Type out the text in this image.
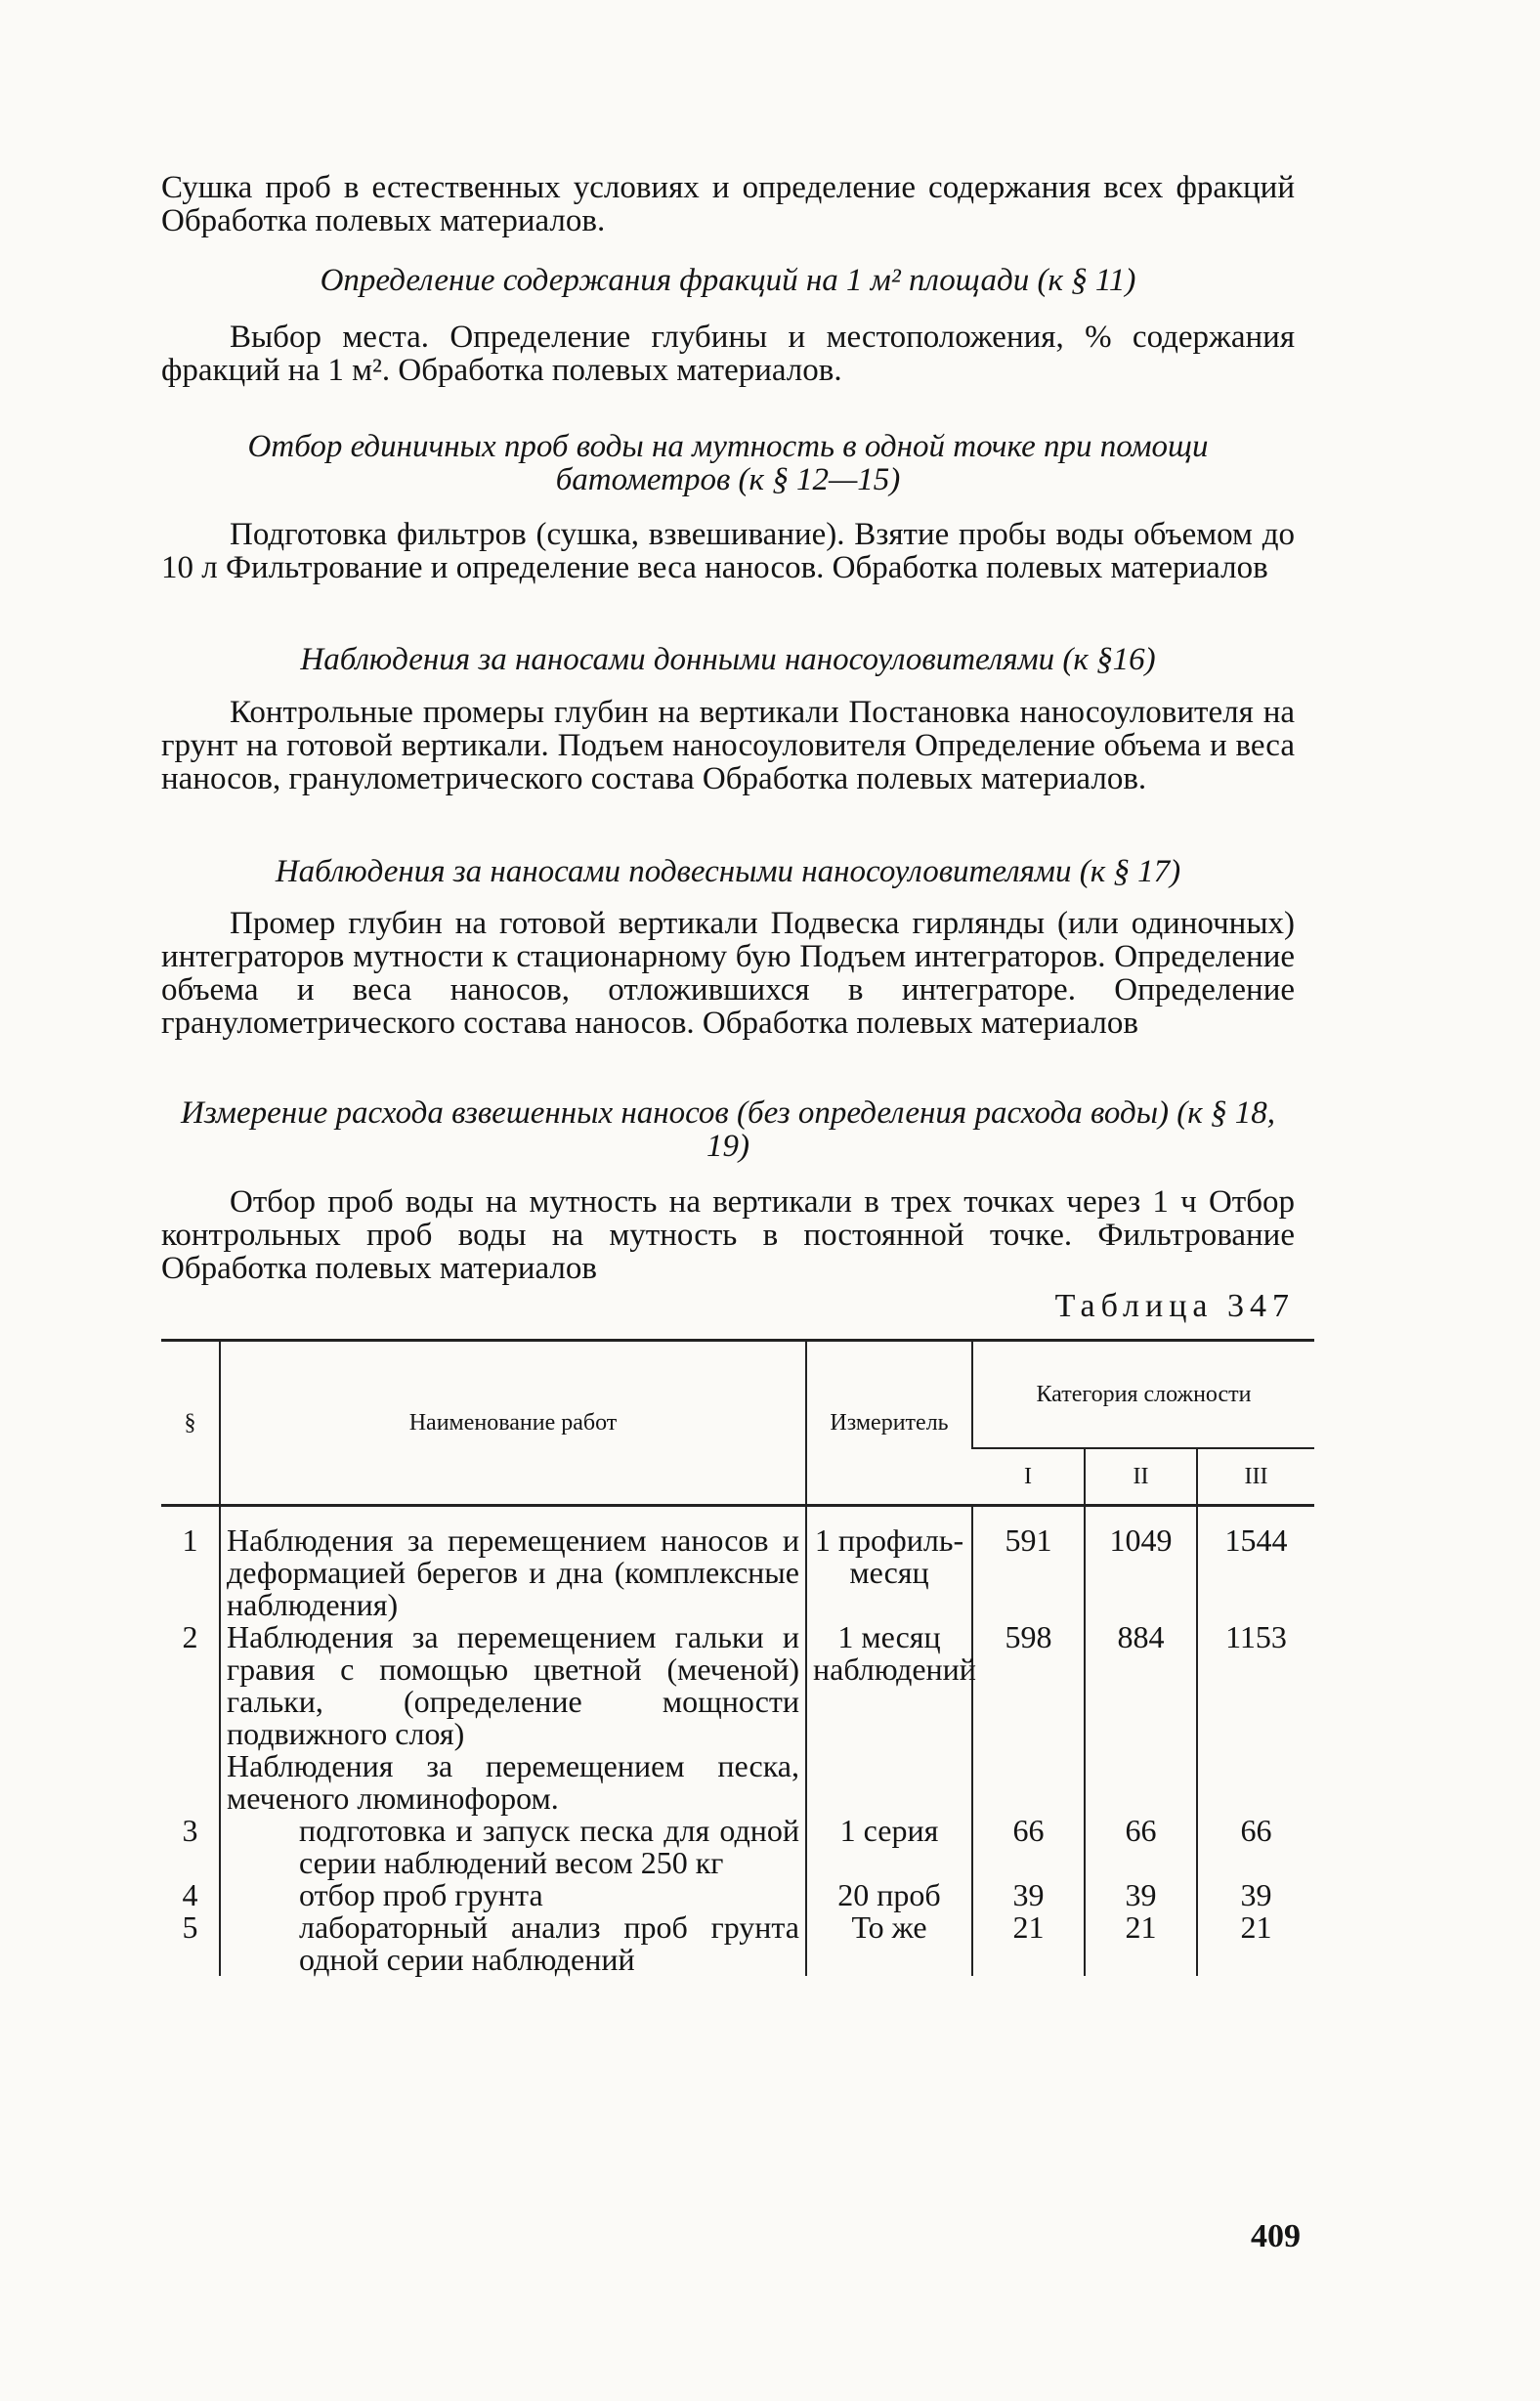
Сушка проб в естественных условиях и определение содержания всех фракций Обработка полевых материалов.

Определение содержания фракций на 1 м² площади (к § 11)

Выбор места. Определение глубины и местоположения, % содержания фракций на 1 м². Обработка полевых материалов.

Отбор единичных проб воды на мутность в одной точке при помощи батометров (к § 12—15)

Подготовка фильтров (сушка, взвешивание). Взятие пробы воды объемом до 10 л Фильтрование и определение веса наносов. Обработка полевых материалов

Наблюдения за наносами донными наносоуловителями (к §16)

Контрольные промеры глубин на вертикали Постановка наносоуловителя на грунт на готовой вертикали. Подъем наносоуловителя Определение объема и веса наносов, гранулометрического состава Обработка полевых материалов.

Наблюдения за наносами подвесными наносоуловителями (к § 17)

Промер глубин на готовой вертикали Подвеска гирлянды (или одиночных) интеграторов мутности к стационарному бую Подъем интеграторов. Определение объема и веса наносов, отложившихся в интеграторе. Определение гранулометрического состава наносов. Обработка полевых материалов

Измерение расхода взвешенных наносов (без определения расхода воды) (к § 18, 19)

Отбор проб воды на мутность на вертикали в трех точках через 1 ч Отбор контрольных проб воды на мутность в постоянной точке. Фильтрование Обработка полевых материалов

Таблица 347
§	Наименование работ	Измеритель	Категория сложности		
			I	II	III
1	Наблюдения за перемещением наносов и деформацией берегов и дна (комплексные наблюдения)	1 профиль-месяц	591	1049	1544
2	Наблюдения за перемещением гальки и гравия с помощью цветной (меченой) гальки, (определение мощности подвижного слоя)	1 месяц наблюдений	598	884	1153
	Наблюдения за перемещением песка, меченого люминофором.				
3	подготовка и запуск песка для одной серии наблюдений весом 250 кг	1 серия	66	66	66
4	отбор проб грунта	20 проб	39	39	39
5	лабораторный анализ проб грунта одной серии наблюдений	То же	21	21	21
409
